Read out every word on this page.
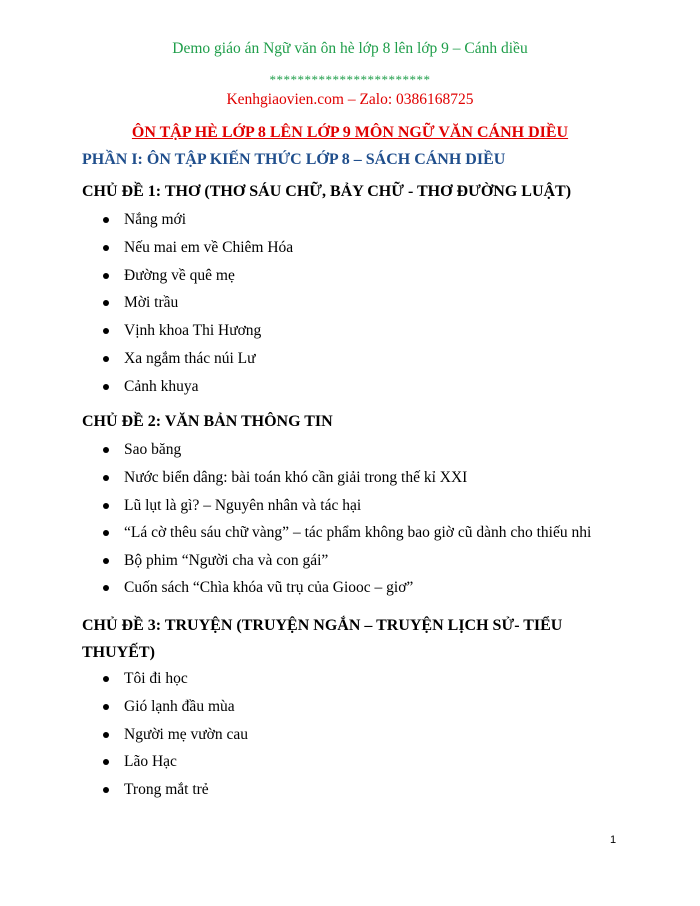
Demo giáo án Ngữ văn ôn hè lớp 8 lên lớp 9 – Cánh diều
***********************
Kenhgiaovien.com – Zalo: 0386168725
ÔN TẬP HÈ LỚP 8 LÊN LỚP 9 MÔN NGỮ VĂN CÁNH DIỀU
PHẦN I: ÔN TẬP KIẾN THỨC LỚP 8 – SÁCH CÁNH DIỀU
CHỦ ĐỀ 1: THƠ (THƠ SÁU CHỮ, BẢY CHỮ - THƠ ĐƯỜNG LUẬT)
Nắng mới
Nếu mai em về Chiêm Hóa
Đường về quê mẹ
Mời trầu
Vịnh khoa Thi Hương
Xa ngắm thác núi Lư
Cảnh khuya
CHỦ ĐỀ 2: VĂN BẢN THÔNG TIN
Sao băng
Nước biển dâng: bài toán khó cần giải trong thế kỉ XXI
Lũ lụt là gì? – Nguyên nhân và tác hại
“Lá cờ thêu sáu chữ vàng” – tác phẩm không bao giờ cũ dành cho thiếu nhi
Bộ phim “Người cha và con gái”
Cuốn sách “Chìa khóa vũ trụ của Giooc – giơ”
CHỦ ĐỀ 3: TRUYỆN (TRUYỆN NGẮN – TRUYỆN LỊCH SỬ- TIỂU THUYẾT)
Tôi đi học
Gió lạnh đầu mùa
Người mẹ vườn cau
Lão Hạc
Trong mắt trẻ
1
